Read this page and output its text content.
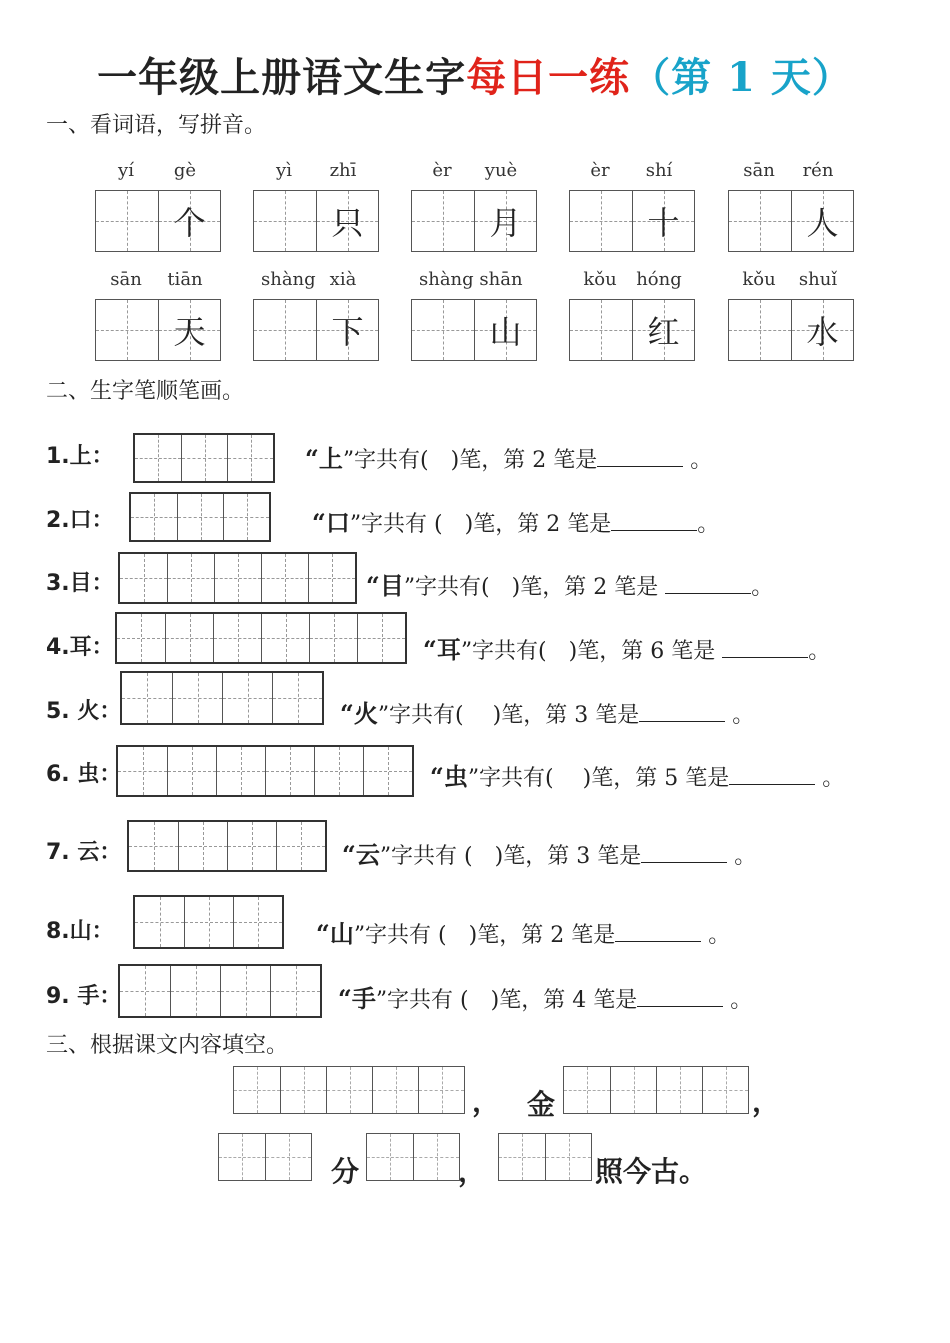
一年级上册语文生字每日一练（第 1 天）
一、看词语，写拼音。
yí	gè
个
yì	zhī
只
èr	yuè
月
èr	shí
十
sān	rén
人
sān	tiān
天
shàng xià
下
shàng shān
山
kǒu	hóng
红
kǒu	shuǐ
水
二、生字笔顺笔画。
1.上：	“上”字共有(　)笔，第 2 笔是	。
2.口：	“口”字共有 (　)笔，第 2 笔是	。
3.目：	“目”字共有(　)笔，第 2 笔是	。
4.耳：	“耳”字共有(　)笔，第 6 笔是	。
5. 火：	“火”字共有(　 )笔，第 3 笔是	。
6. 虫：	“虫”字共有(　 )笔，第 5 笔是	。
7. 云：	“云”字共有 (　)笔，第 3 笔是	。
8.山：	“山”字共有 (　)笔，第 2 笔是	。
9. 手：	“手”字共有 (　)笔，第 4 笔是	。
三、根据课文内容填空。
， 金	，
分	，	照今古。
